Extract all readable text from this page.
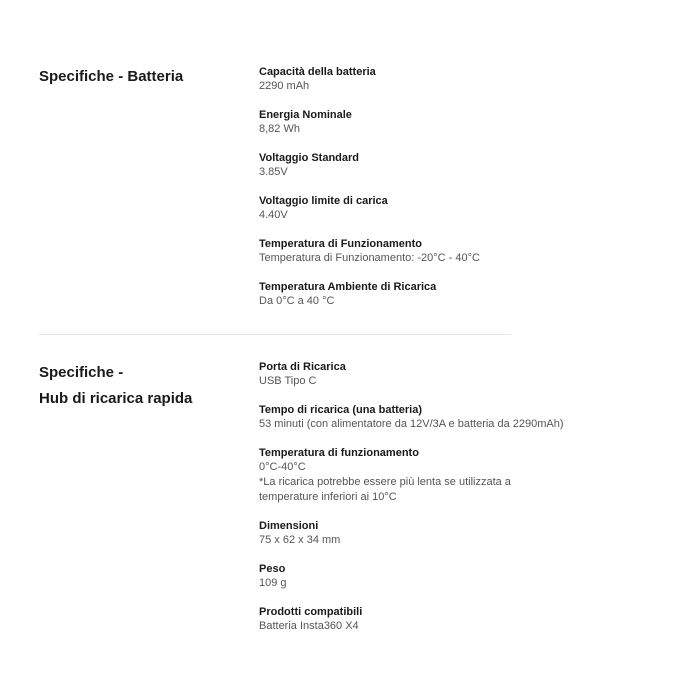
Specifiche - Batteria	Capacità della batteria
2290 mAh
Energia Nominale
8,82 Wh
Voltaggio Standard
3.85V
Voltaggio limite di carica
4.40V
Temperatura di Funzionamento
Temperatura di Funzionamento: -20°C - 40°C
Temperatura Ambiente di Ricarica
Da 0°C a 40 °C
Specifiche -
Hub di ricarica rapida
Porta di Ricarica
USB Tipo C
Tempo di ricarica (una batteria)
53 minuti (con alimentatore da 12V/3A e batteria da 2290mAh)
Temperatura di funzionamento
0°C-40°C
*La ricarica potrebbe essere più lenta se utilizzata a temperature inferiori ai 10°C
Dimensioni
75 x 62 x 34 mm
Peso
109 g
Prodotti compatibili
Batteria Insta360 X4
